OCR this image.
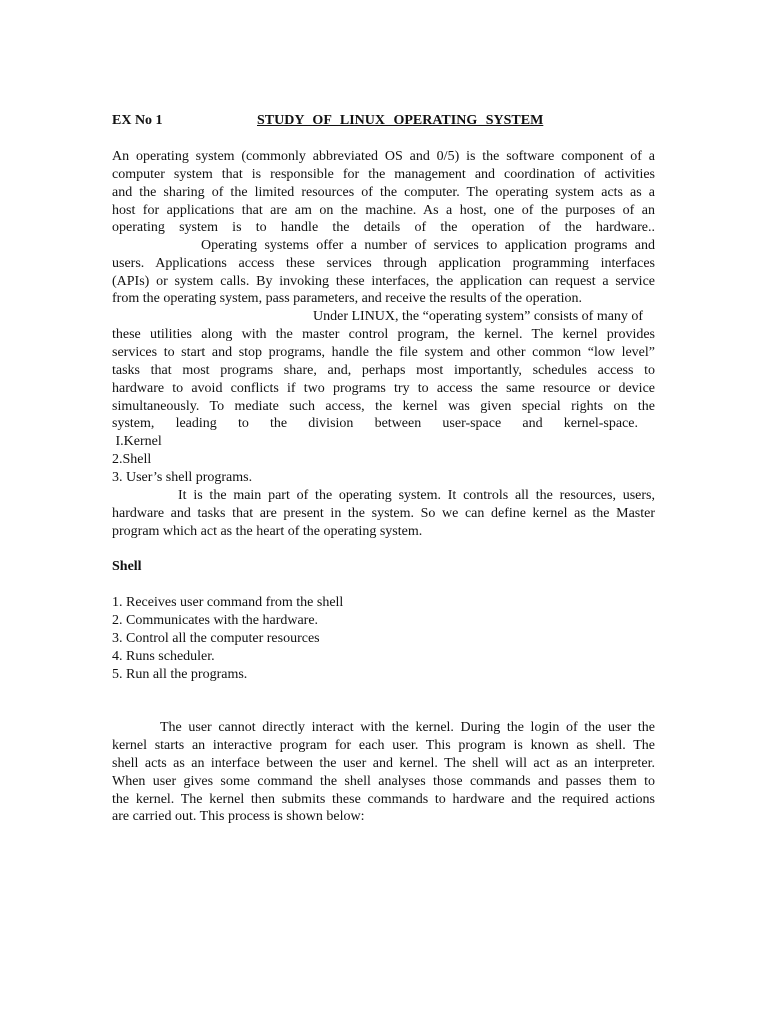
EX No 1	STUDY OF LINUX OPERATING SYSTEM
An operating system (commonly abbreviated OS and 0/5) is the software component of a
computer system that is responsible for the management and coordination of activities
and the sharing of the limited resources of the computer. The operating system acts as a
host for applications that are am on the machine. As a host, one of the purposes of an
operating system is to handle the details of the operation of the hardware..
Operating systems offer a number of services to application programs and
users. Applications access these services through application programming interfaces
(APIs) or system calls. By invoking these interfaces, the application can request a service
from the operating system, pass parameters, and receive the results of the operation.
Under LINUX, the “operating system” consists of many of
these utilities along with the master control program, the kernel. The kernel provides
services to start and stop programs, handle the file system and other common “low level”
tasks that most programs share, and, perhaps most importantly, schedules access to
hardware to avoid conflicts if two programs try to access the same resource or device
simultaneously. To mediate such access, the kernel was given special rights on the
system, leading to the division between user-space and kernel-space.
I.Kernel
2.Shell
3. User’s shell programs.
It is the main part of the operating system. It controls all the resources, users,
hardware and tasks that are present in the system. So we can define kernel as the Master
program which act as the heart of the operating system.
Shell
1. Receives user command from the shell
2. Communicates with the hardware.
3. Control all the computer resources
4. Runs scheduler.
5. Run all the programs.
The user cannot directly interact with the kernel. During the login of the user the
kernel starts an interactive program for each user. This program is known as shell. The
shell acts as an interface between the user and kernel. The shell will act as an interpreter.
When user gives some command the shell analyses those commands and passes them to
the kernel. The kernel then submits these commands to hardware and the required actions
are carried out. This process is shown below:
